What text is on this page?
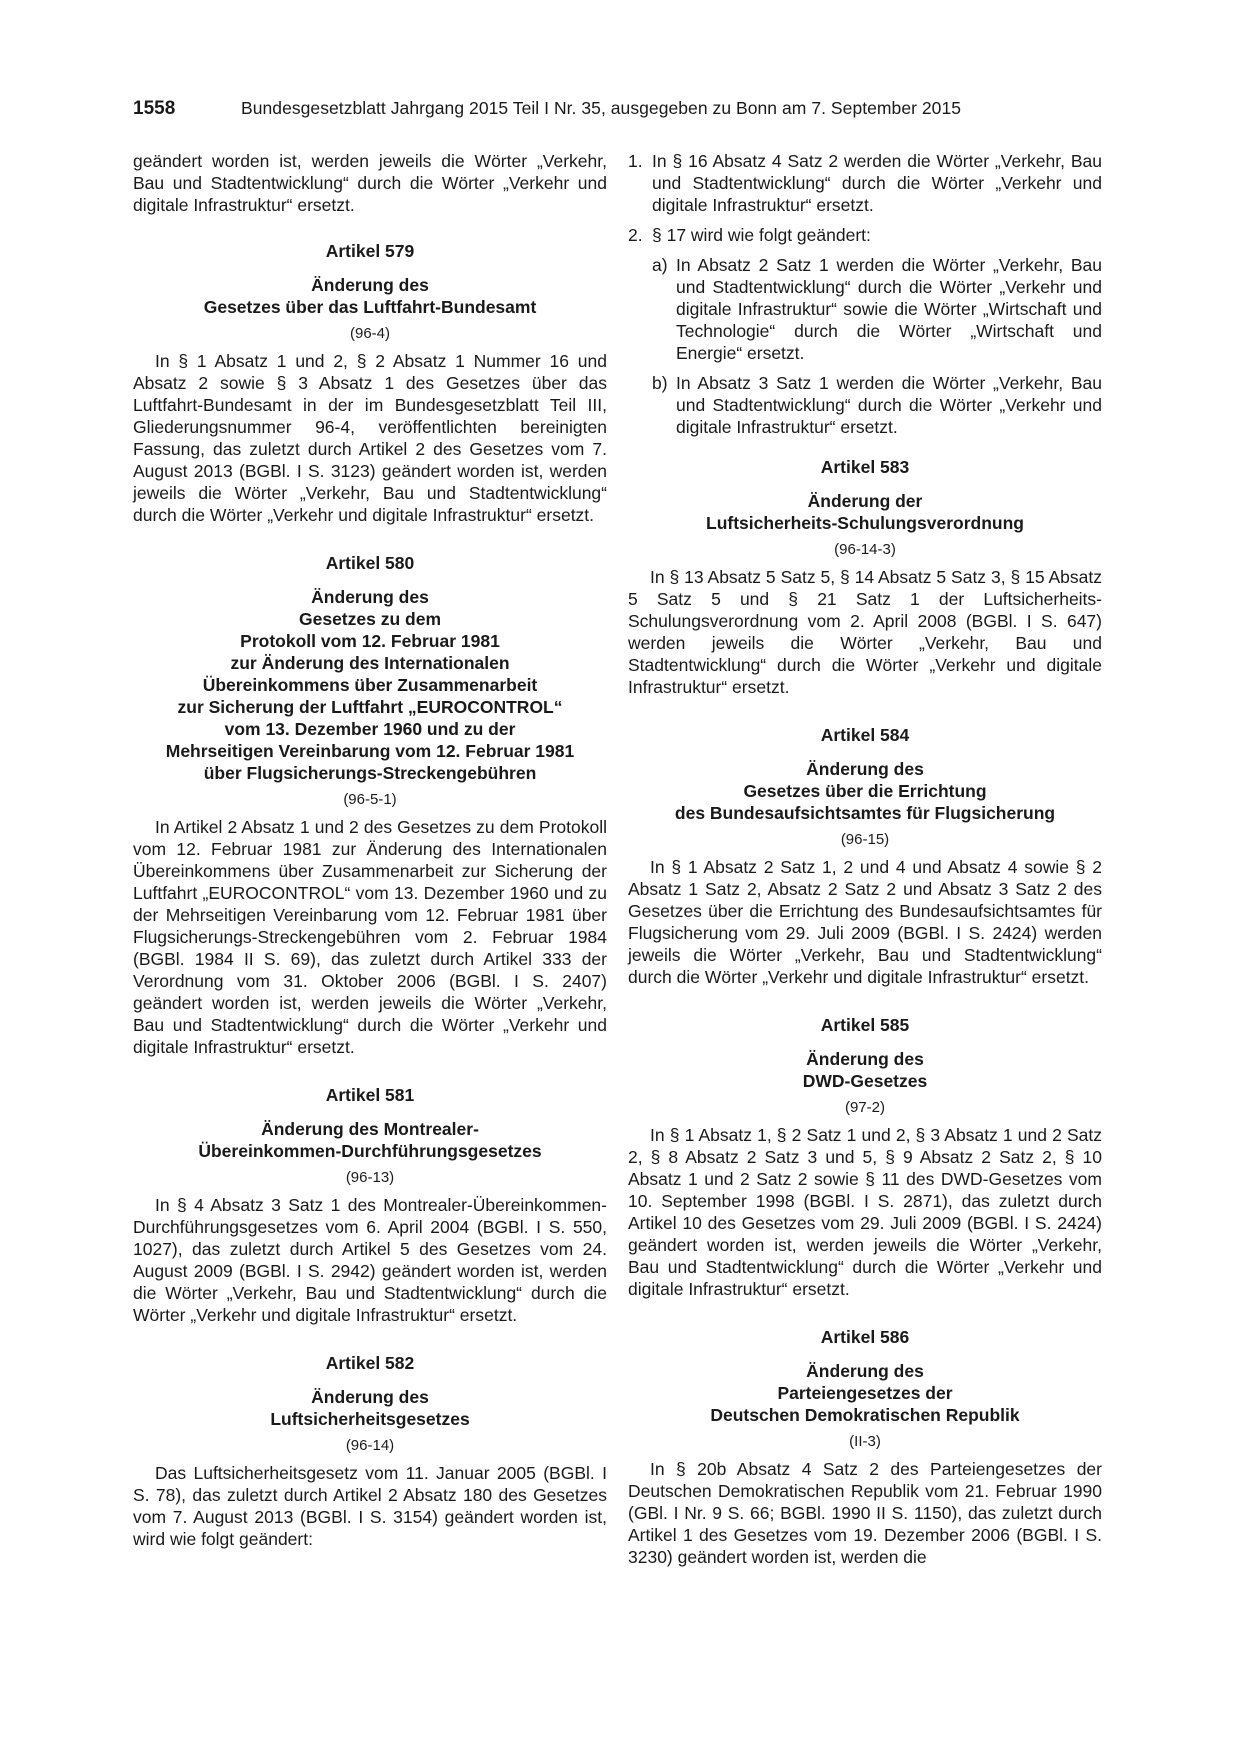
1558	Bundesgesetzblatt Jahrgang 2015 Teil I Nr. 35, ausgegeben zu Bonn am 7. September 2015

geändert worden ist, werden jeweils die Wörter „Verkehr, Bau und Stadtentwicklung“ durch die Wörter „Verkehr und digitale Infrastruktur“ ersetzt.

Artikel 579
Änderung des
Gesetzes über das Luftfahrt-Bundesamt
(96-4)

In § 1 Absatz 1 und 2, § 2 Absatz 1 Nummer 16 und Absatz 2 sowie § 3 Absatz 1 des Gesetzes über das Luftfahrt-Bundesamt in der im Bundesgesetzblatt Teil III, Gliederungsnummer 96-4, veröffentlichten bereinigten Fassung, das zuletzt durch Artikel 2 des Gesetzes vom 7. August 2013 (BGBl. I S. 3123) geändert worden ist, werden jeweils die Wörter „Verkehr, Bau und Stadtentwicklung“ durch die Wörter „Verkehr und digitale Infrastruktur“ ersetzt.

Artikel 580
Änderung des
Gesetzes zu dem
Protokoll vom 12. Februar 1981
zur Änderung des Internationalen
Übereinkommens über Zusammenarbeit
zur Sicherung der Luftfahrt „EUROCONTROL“
vom 13. Dezember 1960 und zu der
Mehrseitigen Vereinbarung vom 12. Februar 1981
über Flugsicherungs-Streckengebühren
(96-5-1)

In Artikel 2 Absatz 1 und 2 des Gesetzes zu dem Protokoll vom 12. Februar 1981 zur Änderung des Internationalen Übereinkommens über Zusammenarbeit zur Sicherung der Luftfahrt „EUROCONTROL“ vom 13. Dezember 1960 und zu der Mehrseitigen Vereinbarung vom 12. Februar 1981 über Flugsicherungs-Streckengebühren vom 2. Februar 1984 (BGBl. 1984 II S. 69), das zuletzt durch Artikel 333 der Verordnung vom 31. Oktober 2006 (BGBl. I S. 2407) geändert worden ist, werden jeweils die Wörter „Verkehr, Bau und Stadtentwicklung“ durch die Wörter „Verkehr und digitale Infrastruktur“ ersetzt.

Artikel 581
Änderung des Montrealer-
Übereinkommen-Durchführungsgesetzes
(96-13)

In § 4 Absatz 3 Satz 1 des Montrealer-Übereinkommen-Durchführungsgesetzes vom 6. April 2004 (BGBl. I S. 550, 1027), das zuletzt durch Artikel 5 des Gesetzes vom 24. August 2009 (BGBl. I S. 2942) geändert worden ist, werden die Wörter „Verkehr, Bau und Stadtentwicklung“ durch die Wörter „Verkehr und digitale Infrastruktur“ ersetzt.

Artikel 582
Änderung des
Luftsicherheitsgesetzes
(96-14)

Das Luftsicherheitsgesetz vom 11. Januar 2005 (BGBl. I S. 78), das zuletzt durch Artikel 2 Absatz 180 des Gesetzes vom 7. August 2013 (BGBl. I S. 3154) geändert worden ist, wird wie folgt geändert:

1. In § 16 Absatz 4 Satz 2 werden die Wörter „Verkehr, Bau und Stadtentwicklung“ durch die Wörter „Verkehr und digitale Infrastruktur“ ersetzt.
2. § 17 wird wie folgt geändert:
a) In Absatz 2 Satz 1 werden die Wörter „Verkehr, Bau und Stadtentwicklung“ durch die Wörter „Verkehr und digitale Infrastruktur“ sowie die Wörter „Wirtschaft und Technologie“ durch die Wörter „Wirtschaft und Energie“ ersetzt.
b) In Absatz 3 Satz 1 werden die Wörter „Verkehr, Bau und Stadtentwicklung“ durch die Wörter „Verkehr und digitale Infrastruktur“ ersetzt.
Artikel 583
Änderung der
Luftsicherheits-Schulungsverordnung
(96-14-3)

In § 13 Absatz 5 Satz 5, § 14 Absatz 5 Satz 3, § 15 Absatz 5 Satz 5 und § 21 Satz 1 der Luftsicherheits-Schulungsverordnung vom 2. April 2008 (BGBl. I S. 647) werden jeweils die Wörter „Verkehr, Bau und Stadtentwicklung“ durch die Wörter „Verkehr und digitale Infrastruktur“ ersetzt.

Artikel 584
Änderung des
Gesetzes über die Errichtung
des Bundesaufsichtsamtes für Flugsicherung
(96-15)

In § 1 Absatz 2 Satz 1, 2 und 4 und Absatz 4 sowie § 2 Absatz 1 Satz 2, Absatz 2 Satz 2 und Absatz 3 Satz 2 des Gesetzes über die Errichtung des Bundesaufsichtsamtes für Flugsicherung vom 29. Juli 2009 (BGBl. I S. 2424) werden jeweils die Wörter „Verkehr, Bau und Stadtentwicklung“ durch die Wörter „Verkehr und digitale Infrastruktur“ ersetzt.

Artikel 585
Änderung des
DWD-Gesetzes
(97-2)

In § 1 Absatz 1, § 2 Satz 1 und 2, § 3 Absatz 1 und 2 Satz 2, § 8 Absatz 2 Satz 3 und 5, § 9 Absatz 2 Satz 2, § 10 Absatz 1 und 2 Satz 2 sowie § 11 des DWD-Gesetzes vom 10. September 1998 (BGBl. I S. 2871), das zuletzt durch Artikel 10 des Gesetzes vom 29. Juli 2009 (BGBl. I S. 2424) geändert worden ist, werden jeweils die Wörter „Verkehr, Bau und Stadtentwicklung“ durch die Wörter „Verkehr und digitale Infrastruktur“ ersetzt.

Artikel 586
Änderung des
Parteiengesetzes der
Deutschen Demokratischen Republik
(II-3)

In § 20b Absatz 4 Satz 2 des Parteiengesetzes der Deutschen Demokratischen Republik vom 21. Februar 1990 (GBl. I Nr. 9 S. 66; BGBl. 1990 II S. 1150), das zuletzt durch Artikel 1 des Gesetzes vom 19. Dezember 2006 (BGBl. I S. 3230) geändert worden ist, werden die
